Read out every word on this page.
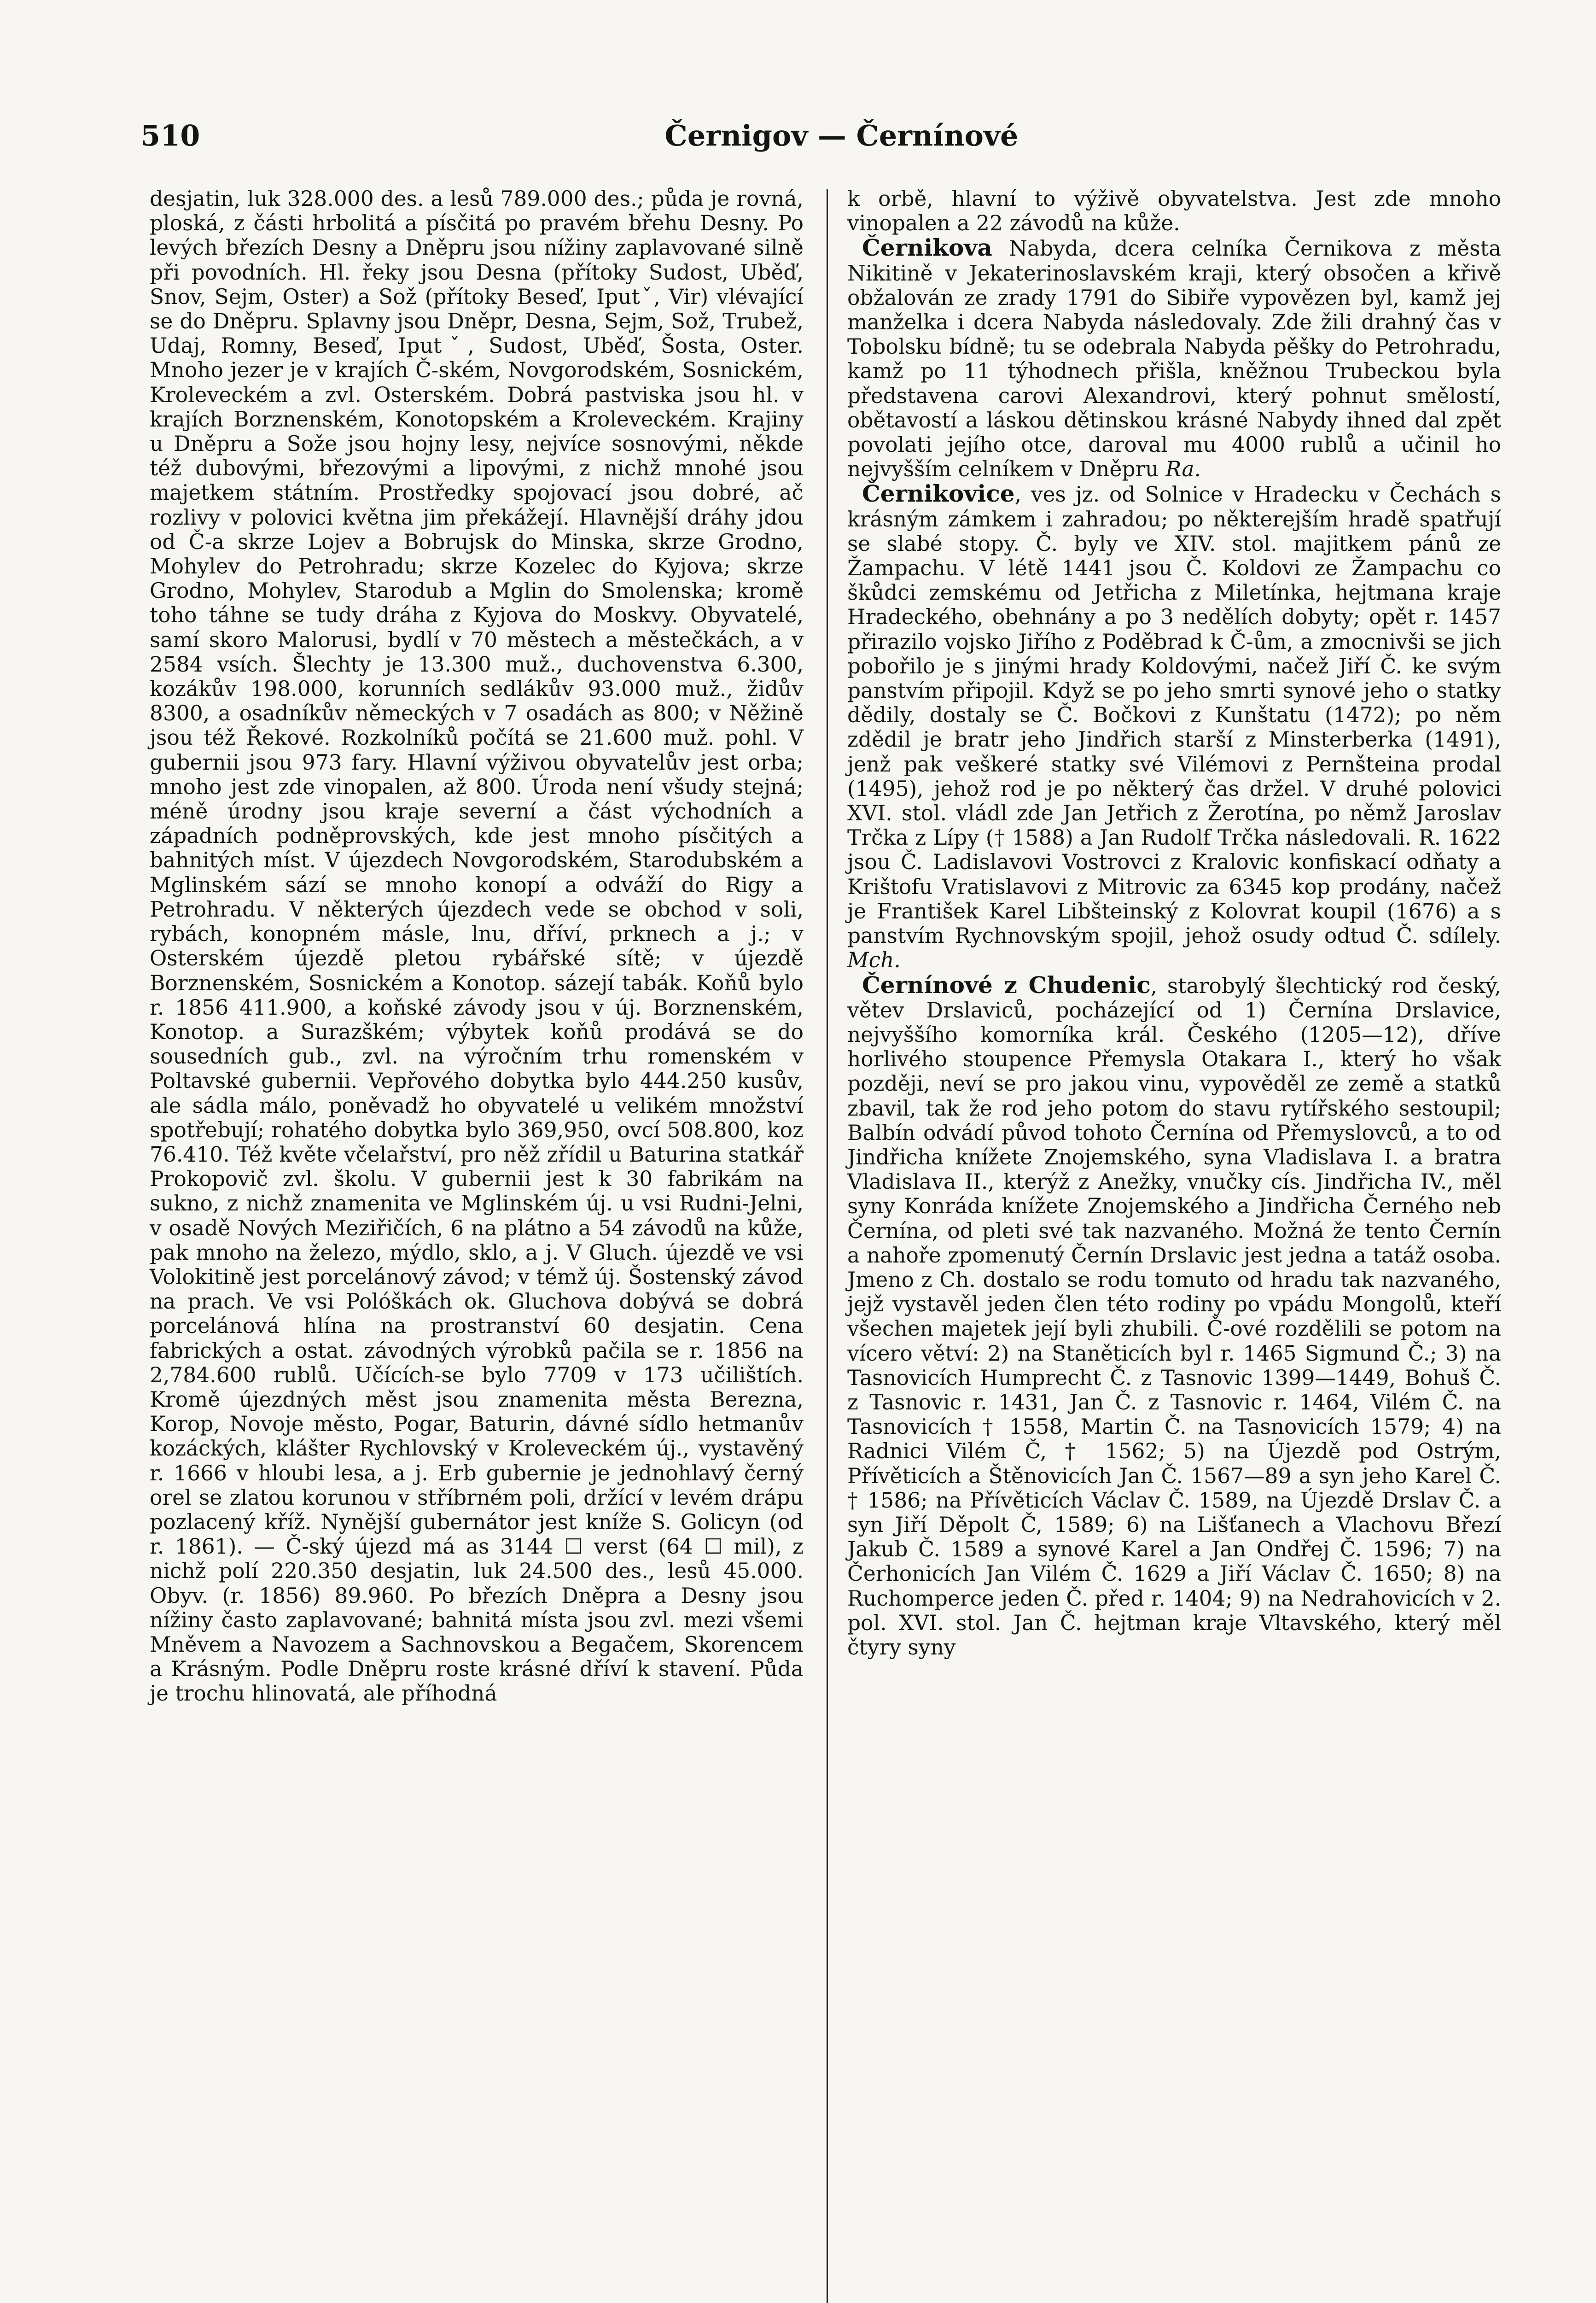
510	Černigov — Černínové

desjatin, luk 328.000 des. a lesů 789.000 des.; půda je rovná, ploská, z části hrbolitá a písčitá po pravém břehu Desny. Po levých březích Desny a Dněpru jsou nížiny zaplavované silně při povodních. Hl. řeky jsou Desna (přítoky Sudost, Uběď, Snov, Sejm, Oster) a Sož (přítoky Beseď, Iputˇ, Vir) vlévající se do Dněpru. Splavny jsou Dněpr, Desna, Sejm, Sož, Trubež, Udaj, Romny, Beseď, Iputˇ, Sudost, Uběď, Šosta, Oster. Mnoho jezer je v krajích Č-ském, Novgorodském, Sosnickém, Kroleveckém a zvl. Osterském. Dobrá pastviska jsou hl. v krajích Borznenském, Konotopském a Kroleveckém. Krajiny u Dněpru a Sože jsou hojny lesy, nejvíce sosnovými, někde též dubovými, březovými a lipovými, z nichž mnohé jsou majetkem státním. Prostředky spojovací jsou dobré, ač rozlivy v polovici května jim překážejí. Hlavnější dráhy jdou od Č-a skrze Lojev a Bobrujsk do Minska, skrze Grodno, Mohylev do Petrohradu; skrze Kozelec do Kyjova; skrze Grodno, Mohylev, Starodub a Mglin do Smolenska; kromě toho táhne se tudy dráha z Kyjova do Moskvy. Obyvatelé, samí skoro Malorusi, bydlí v 70 městech a městečkách, a v 2584 vsích. Šlechty je 13.300 muž., duchovenstva 6.300, kozákův 198.000, korunních sedlákův 93.000 muž., židův 8300, a osadníkův německých v 7 osadách as 800; v Něžině jsou též Řekové. Rozkolníků počítá se 21.600 muž. pohl. V gubernii jsou 973 fary. Hlavní výživou obyvatelův jest orba; mnoho jest zde vinopalen, až 800. Úroda není všudy stejná; méně úrodny jsou kraje severní a část východních a západních podněprovských, kde jest mnoho písčitých a bahnitých míst. V újezdech Novgorodském, Starodubském a Mglinském sází se mnoho konopí a odváží do Rigy a Petrohradu. V některých újezdech vede se obchod v soli, rybách, konopném másle, lnu, dříví, prknech a j.; v Osterském újezdě pletou rybářské sítě; v újezdě Borznenském, Sosnickém a Konotop. sázejí tabák. Koňů bylo r. 1856 411.900, a koňské závody jsou v új. Borznenském, Konotop. a Surazškém; výbytek koňů prodává se do sousedních gub., zvl. na výročním trhu romenském v Poltavské gubernii. Vepřového dobytka bylo 444.250 kusův, ale sádla málo, poněvadž ho obyvatelé u velikém množství spotřebují; rohatého dobytka bylo 369,950, ovcí 508.800, koz 76.410. Též květe včelařství, pro něž zřídil u Baturina statkář Prokopovič zvl. školu. V gubernii jest k 30 fabrikám na sukno, z nichž znamenita ve Mglinském új. u vsi Rudni-Jelni, v osadě Nových Meziřičích, 6 na plátno a 54 závodů na kůže, pak mnoho na železo, mýdlo, sklo, a j. V Gluch. újezdě ve vsi Volokitině jest porcelánový závod; v témž új. Šostenský závod na prach. Ve vsi Polóškách ok. Gluchova dobývá se dobrá porcelánová hlína na prostranství 60 desjatin. Cena fabrických a ostat. závodných výrobků pačila se r. 1856 na 2,784.600 rublů. Učících-se bylo 7709 v 173 učilištích. Kromě újezdných měst jsou znamenita města Berezna, Korop, Novoje město, Pogar, Baturin, dávné sídlo hetmanův kozáckých, klášter Rychlovský v Kroleveckém új., vystavěný r. 1666 v hloubi lesa, a j. Erb gubernie je jednohlavý černý orel se zlatou korunou v stříbrném poli, držící v levém drápu pozlacený kříž. Nynější gubernátor jest kníže S. Golicyn (od r. 1861). — Č-ský újezd má as 3144 ☐ verst (64 ☐ mil), z nichž polí 220.350 desjatin, luk 24.500 des., lesů 45.000. Obyv. (r. 1856) 89.960. Po březích Dněpra a Desny jsou nížiny často zaplavované; bahnitá místa jsou zvl. mezi všemi Mněvem a Navozem a Sachnovskou a Begačem, Skorencem a Krásným. Podle Dněpru roste krásné dříví k stavení. Půda je trochu hlinovatá, ale příhodná

k orbě, hlavní to výživě obyvatelstva. Jest zde mnoho vinopalen a 22 závodů na kůže.

Černikova Nabyda, dcera celníka Černikova z města Nikitině v Jekaterinoslavském kraji, který obsočen a křivě obžalován ze zrady 1791 do Sibiře vypovězen byl, kamž jej manželka i dcera Nabyda následovaly. Zde žili drahný čas v Tobolsku bídně; tu se odebrala Nabyda pěšky do Petrohradu, kamž po 11 týhodnech přišla, kněžnou Trubeckou byla představena carovi Alexandrovi, který pohnut smělostí, obětavostí a láskou dětinskou krásné Nabydy ihned dal zpět povolati jejího otce, daroval mu 4000 rublů a učinil ho nejvyšším celníkem v Dněpru Ra.

Černikovice, ves jz. od Solnice v Hradecku v Čechách s krásným zámkem i zahradou; po některejším hradě spatřují se slabé stopy. Č. byly ve XIV. stol. majitkem pánů ze Žampachu. V létě 1441 jsou Č. Koldovi ze Žampachu co škůdci zemskému od Jetřicha z Miletínka, hejtmana kraje Hradeckého, obehnány a po 3 nedělích dobyty; opět r. 1457 přirazilo vojsko Jiřího z Poděbrad k Č-ům, a zmocnivši se jich pobořilo je s jinými hrady Koldovými, načež Jiří Č. ke svým panstvím připojil. Když se po jeho smrti synové jeho o statky dědily, dostaly se Č. Bočkovi z Kunštatu (1472); po něm zdědil je bratr jeho Jindřich starší z Minsterberka (1491), jenž pak veškeré statky své Vilémovi z Pernšteina prodal (1495), jehož rod je po některý čas držel. V druhé polovici XVI. stol. vládl zde Jan Jetřich z Žerotína, po němž Jaroslav Trčka z Lípy († 1588) a Jan Rudolf Trčka následovali. R. 1622 jsou Č. Ladislavovi Vostrovci z Kralovic konfiskací odňaty a Krištofu Vratislavovi z Mitrovic za 6345 kop prodány, načež je František Karel Libšteinský z Kolovrat koupil (1676) a s panstvím Rychnovským spojil, jehož osudy odtud Č. sdílely. Mch.

Černínové z Chudenic, starobylý šlechtický rod český, větev Drslaviců, pocházející od 1) Černína Drslavice, nejvyššího komorníka král. Českého (1205—12), dříve horlivého stoupence Přemysla Otakara I., který ho však později, neví se pro jakou vinu, vypověděl ze země a statků zbavil, tak že rod jeho potom do stavu rytířského sestoupil; Balbín odvádí původ tohoto Černína od Přemyslovců, a to od Jindřicha knížete Znojemského, syna Vladislava I. a bratra Vladislava II., kterýž z Anežky, vnučky cís. Jindřicha IV., měl syny Konráda knížete Znojemského a Jindřicha Černého neb Černína, od pleti své tak nazvaného. Možná že tento Černín a nahoře zpomenutý Černín Drslavic jest jedna a tatáž osoba. Jmeno z Ch. dostalo se rodu tomuto od hradu tak nazvaného, jejž vystavěl jeden člen této rodiny po vpádu Mongolů, kteří všechen majetek její byli zhubili. Č-ové rozdělili se potom na vícero větví: 2) na Staněticích byl r. 1465 Sigmund Č.; 3) na Tasnovicích Humprecht Č. z Tasnovic 1399—1449, Bohuš Č. z Tasnovic r. 1431, Jan Č. z Tasnovic r. 1464, Vilém Č. na Tasnovicích † 1558, Martin Č. na Tasnovicích 1579; 4) na Radnici Vilém Č, † 1562; 5) na Újezdě pod Ostrým, Přívěticích a Štěnovicích Jan Č. 1567—89 a syn jeho Karel Č. † 1586; na Přívěticích Václav Č. 1589, na Újezdě Drslav Č. a syn Jiří Děpolt Č, 1589; 6) na Lišťanech a Vlachovu Březí Jakub Č. 1589 a synové Karel a Jan Ondřej Č. 1596; 7) na Čerhonicích Jan Vilém Č. 1629 a Jiří Václav Č. 1650; 8) na Ruchomperce jeden Č. před r. 1404; 9) na Nedrahovicích v 2. pol. XVI. stol. Jan Č. hejtman kraje Vltavského, který měl čtyry syny
